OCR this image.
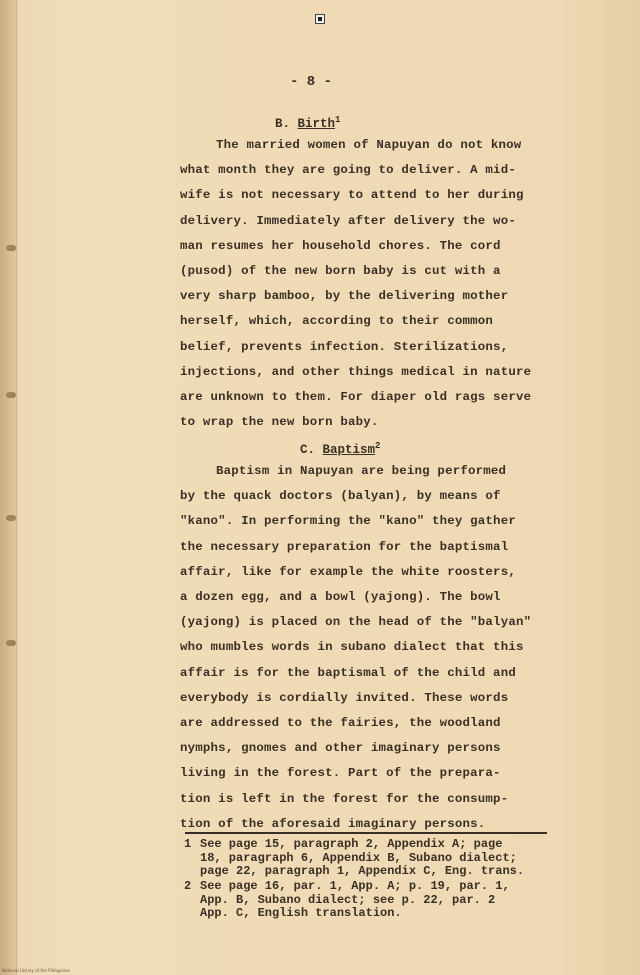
- 8 -
B. Birth$^1$
The married women of Napuyan do not know
what month they are going to deliver. A mid-
wife is not necessary to attend to her during
delivery. Immediately after delivery the wo-
man resumes her household chores. The cord
(pusod) of the new born baby is cut with a
very sharp bamboo, by the delivering mother
herself, which, according to their common
belief, prevents infection. Sterilizations,
injections, and other things medical in nature
are unknown to them. For diaper old rags serve
to wrap the new born baby.
C. Baptism$^2$
Baptism in Napuyan are being performed
by the quack doctors (balyan), by means of
"kano". In performing the "kano" they gather
the necessary preparation for the baptismal
affair, like for example the white roosters,
a dozen egg, and a bowl (yajong). The bowl
(yajong) is placed on the head of the "balyan"
who mumbles words in subano dialect that this
affair is for the baptismal of the child and
everybody is cordially invited. These words
are addressed to the fairies, the woodland
nymphs, gnomes and other imaginary persons
living in the forest. Part of the prepara-
tion is left in the forest for the consump-
tion of the aforesaid imaginary persons.
1 See page 15, paragraph 2, Appendix A; page
18, paragraph 6, Appendix B, Subano dialect;
page 22, paragraph 1, Appendix C, Eng. trans.
2 See page 16, par. 1, App. A; p. 19, par. 1,
App. B, Subano dialect; see p. 22, par. 2
App. C, English translation.
National Library of the Philippines
